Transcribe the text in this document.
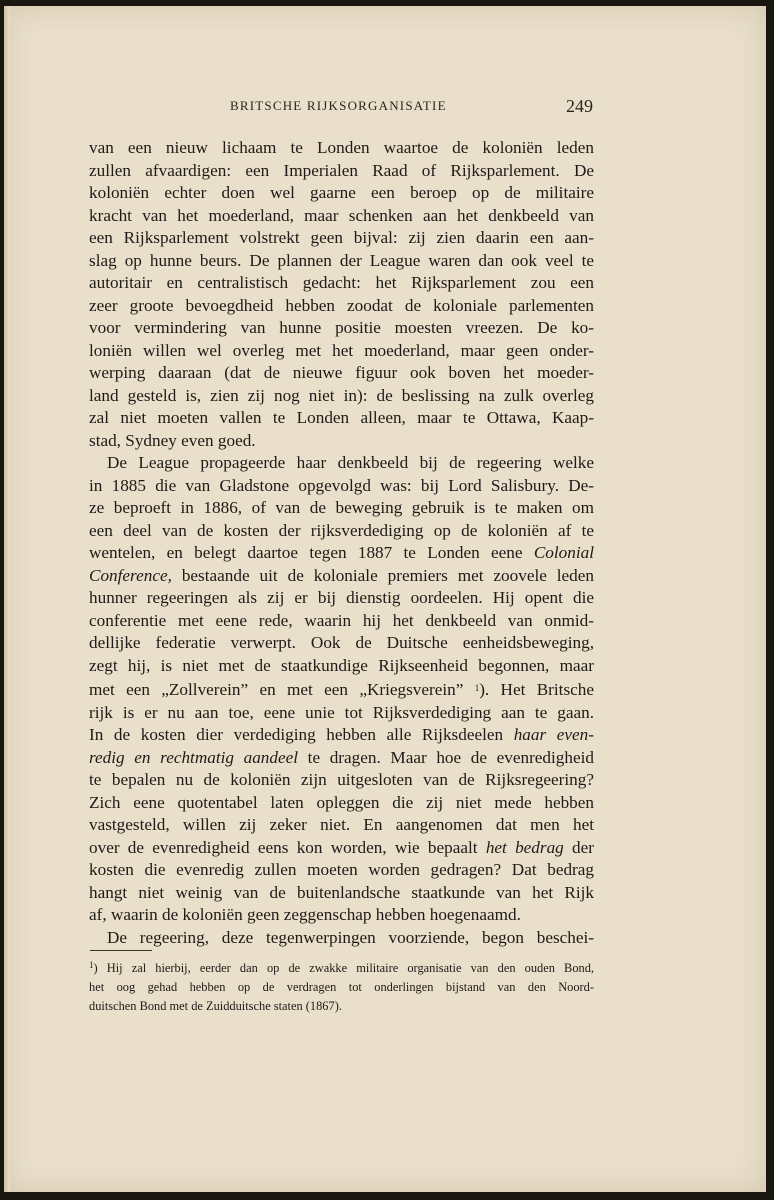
BRITSCHE RIJKSORGANISATIE	249
van een nieuw lichaam te Londen waartoe de koloniën leden
zullen afvaardigen: een Imperialen Raad of Rijksparlement. De
koloniën echter doen wel gaarne een beroep op de militaire
kracht van het moederland, maar schenken aan het denkbeeld van
een Rijksparlement volstrekt geen bijval: zij zien daarin een aan-
slag op hunne beurs. De plannen der League waren dan ook veel te
autoritair en centralistisch gedacht: het Rijksparlement zou een
zeer groote bevoegdheid hebben zoodat de koloniale parlementen
voor vermindering van hunne positie moesten vreezen. De ko-
loniën willen wel overleg met het moederland, maar geen onder-
werping daaraan (dat de nieuwe figuur ook boven het moeder-
land gesteld is, zien zij nog niet in): de beslissing na zulk overleg
zal niet moeten vallen te Londen alleen, maar te Ottawa, Kaap-
stad, Sydney even goed.
De League propageerde haar denkbeeld bij de regeering welke
in 1885 die van Gladstone opgevolgd was: bij Lord Salisbury. De-
ze beproeft in 1886, of van de beweging gebruik is te maken om
een deel van de kosten der rijksverdediging op de koloniën af te
wentelen, en belegt daartoe tegen 1887 te Londen eene Colonial
Conference, bestaande uit de koloniale premiers met zoovele leden
hunner regeeringen als zij er bij dienstig oordeelen. Hij opent die
conferentie met eene rede, waarin hij het denkbeeld van onmid-
dellijke federatie verwerpt. Ook de Duitsche eenheidsbeweging,
zegt hij, is niet met de staatkundige Rijkseenheid begonnen, maar
met een „Zollverein” en met een „Kriegsverein” $^1$). Het Britsche
rijk is er nu aan toe, eene unie tot Rijksverdediging aan te gaan.
In de kosten dier verdediging hebben alle Rijksdeelen haar even-
redig en rechtmatig aandeel te dragen. Maar hoe de evenredigheid
te bepalen nu de koloniën zijn uitgesloten van de Rijksregeering?
Zich eene quotentabel laten opleggen die zij niet mede hebben
vastgesteld, willen zij zeker niet. En aangenomen dat men het
over de evenredigheid eens kon worden, wie bepaalt het bedrag der
kosten die evenredig zullen moeten worden gedragen? Dat bedrag
hangt niet weinig van de buitenlandsche staatkunde van het Rijk
af, waarin de koloniën geen zeggenschap hebben hoegenaamd.
De regeering, deze tegenwerpingen voorziende, begon beschei-
$^1$) Hij zal hierbij, eerder dan op de zwakke militaire organisatie van den ouden Bond,
het oog gehad hebben op de verdragen tot onderlingen bijstand van den Noord-
duitschen Bond met de Zuidduitsche staten (1867).
